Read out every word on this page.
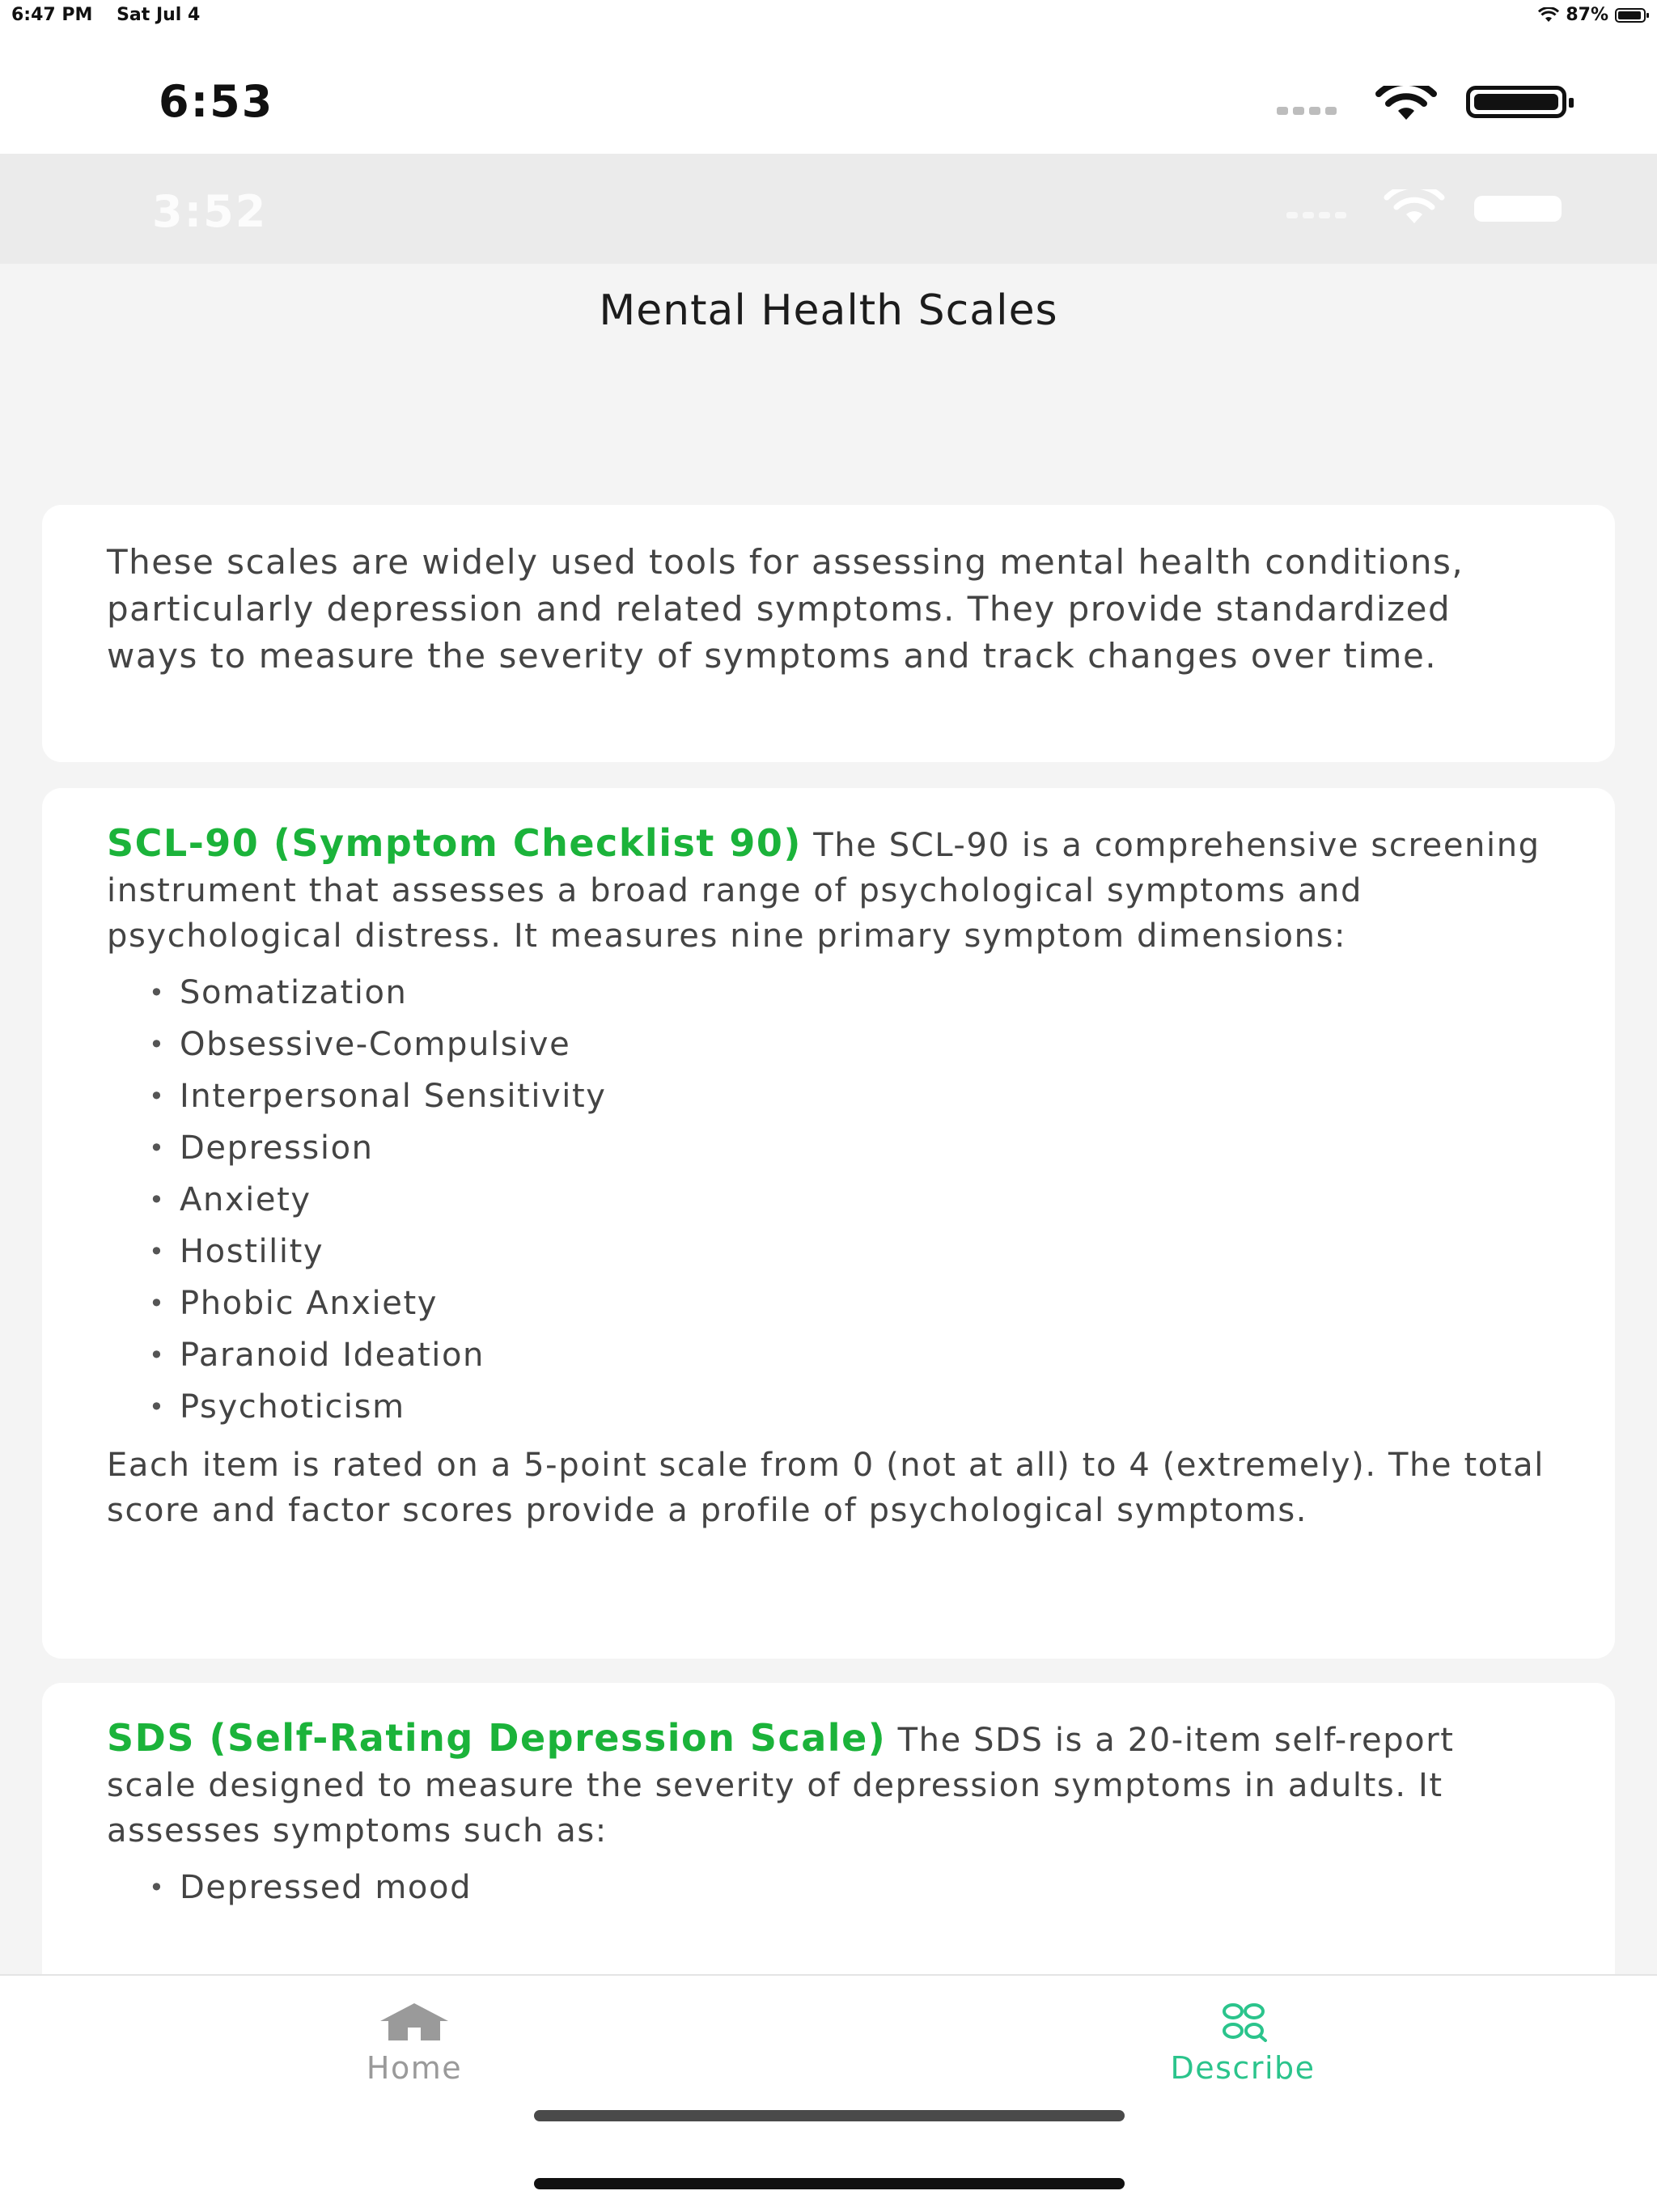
6:47 PM Sat Jul 4	87%
6:53
3:52
Mental Health Scales

These scales are widely used tools for assessing mental health conditions, particularly depression and related symptoms. They provide standardized ways to measure the severity of symptoms and track changes over time.

SCL-90 (Symptom Checklist 90) The SCL-90 is a comprehensive screening instrument that assesses a broad range of psychological symptoms and psychological distress. It measures nine primary symptom dimensions:

• Somatization
• Obsessive-Compulsive
• Interpersonal Sensitivity
• Depression
• Anxiety
• Hostility
• Phobic Anxiety
• Paranoid Ideation
• Psychoticism

Each item is rated on a 5-point scale from 0 (not at all) to 4 (extremely). The total score and factor scores provide a profile of psychological symptoms.

SDS (Self-Rating Depression Scale) The SDS is a 20-item self-report scale designed to measure the severity of depression symptoms in adults. It assesses symptoms such as:

• Depressed mood
Home	Describe
